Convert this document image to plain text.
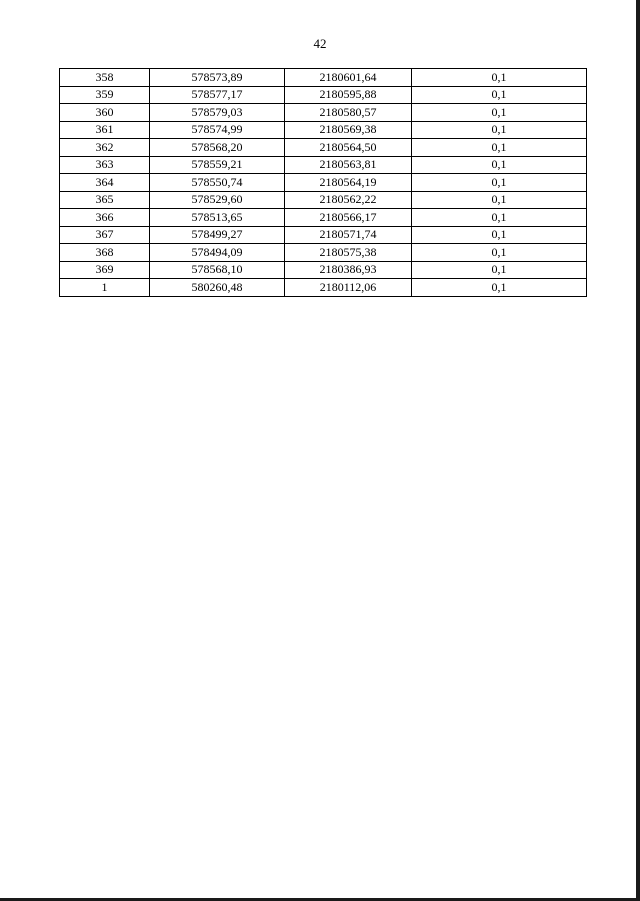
42
358	578573,89	2180601,64	0,1
359	578577,17	2180595,88	0,1
360	578579,03	2180580,57	0,1
361	578574,99	2180569,38	0,1
362	578568,20	2180564,50	0,1
363	578559,21	2180563,81	0,1
364	578550,74	2180564,19	0,1
365	578529,60	2180562,22	0,1
366	578513,65	2180566,17	0,1
367	578499,27	2180571,74	0,1
368	578494,09	2180575,38	0,1
369	578568,10	2180386,93	0,1
1	580260,48	2180112,06	0,1
